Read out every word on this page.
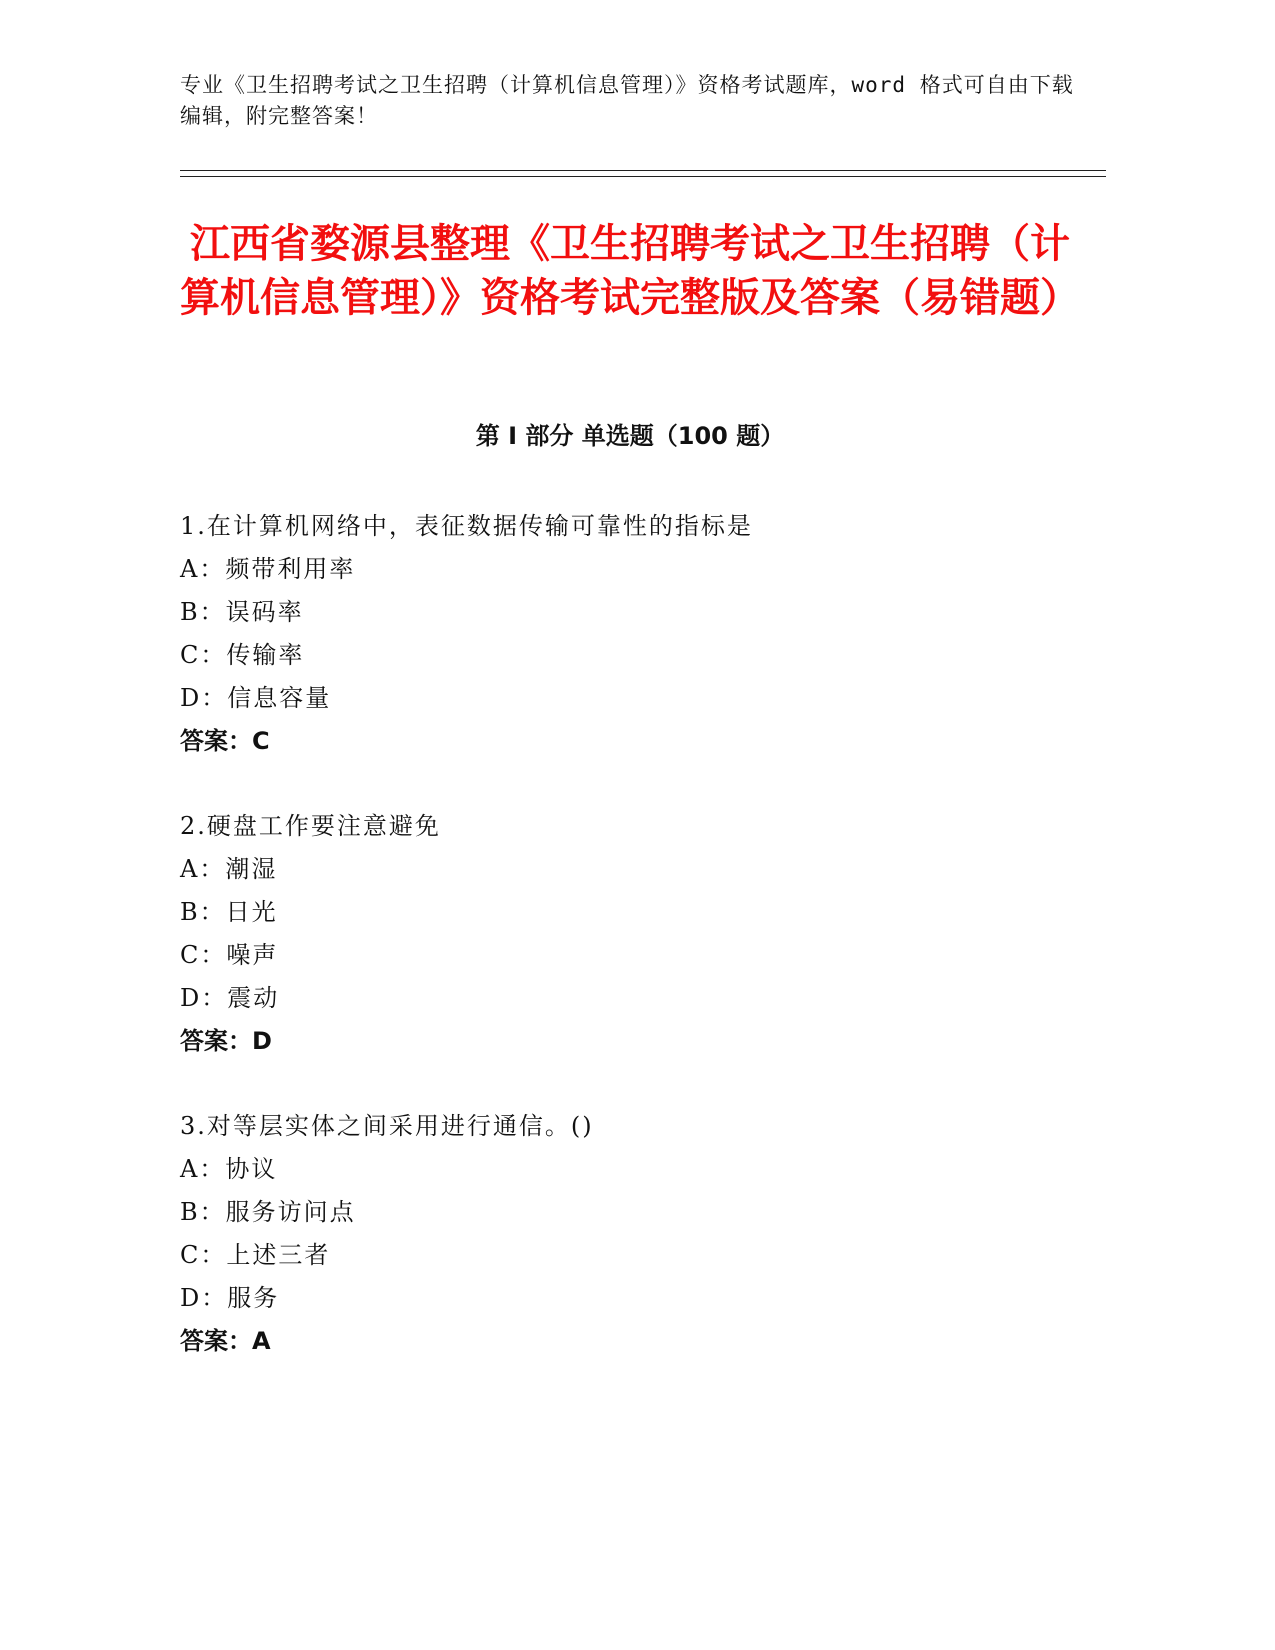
专业《卫生招聘考试之卫生招聘（计算机信息管理）》资格考试题库，word 格式可自由下载编辑，附完整答案！
江西省婺源县整理《卫生招聘考试之卫生招聘（计算机信息管理）》资格考试完整版及答案（易错题）
第 I 部分 单选题（100 题）
1.在计算机网络中，表征数据传输可靠性的指标是
A：频带利用率
B：误码率
C：传输率
D：信息容量
答案：C
2.硬盘工作要注意避免
A：潮湿
B：日光
C：噪声
D：震动
答案：D
3.对等层实体之间采用进行通信。()
A：协议
B：服务访问点
C：上述三者
D：服务
答案：A
